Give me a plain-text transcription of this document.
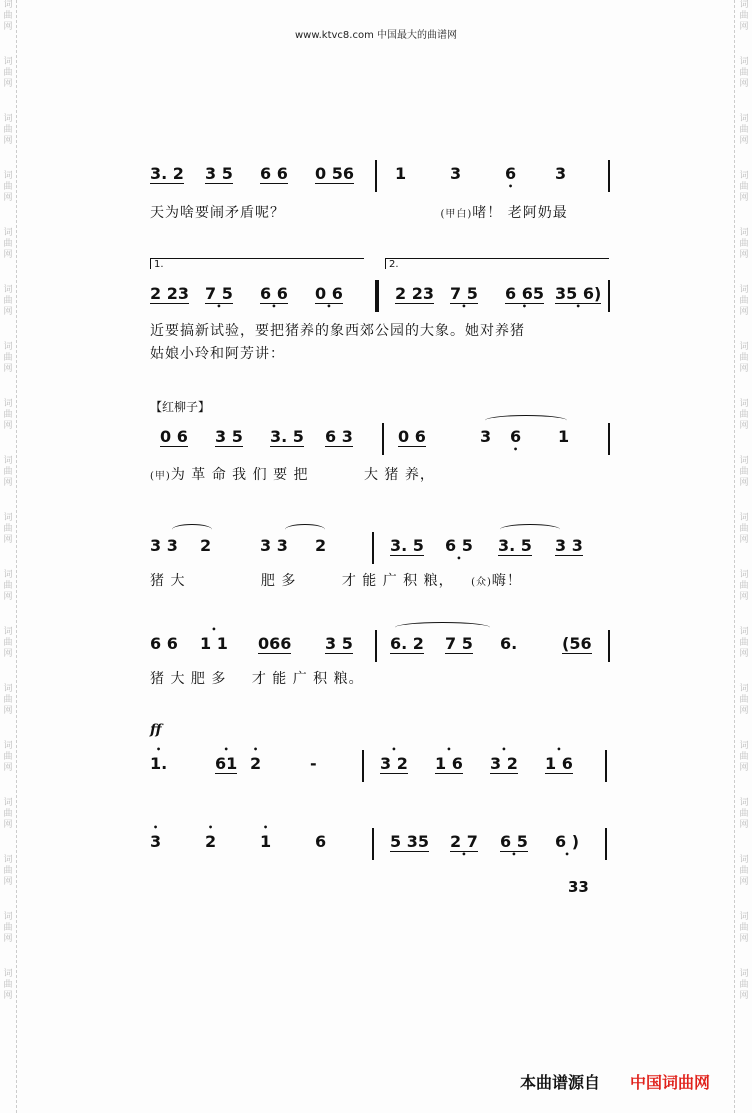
词
曲
网
词
曲
网
词
曲
网
词
曲
网
词
曲
网
词
曲
网
词
曲
网
词
曲
网
词
曲
网
词
曲
网
词
曲
网
词
曲
网
词
曲
网
词
曲
网
词
曲
网
词
曲
网
词
曲
网
词
曲
网
词
曲
网
词
曲
网
词
曲
网
词
曲
网
词
曲
网
词
曲
网
词
曲
网
词
曲
网
词
曲
网
词
曲
网
词
曲
网
词
曲
网
词
曲
网
词
曲
网
词
曲
网
词
曲
网
词
曲
网
词
曲
网
www.ktvc8.com 中国最大的曲谱网
3. 2 3 5 6 6 0 56	1	3	6 • 3
天为啥要闹矛盾呢？	(甲白)啫！ 老阿奶最
1.	2.
2 23 7 5 • 6 6 • 0 6 •	2 23 7 5 • 6 65 • 35 6) •
近要搞新试验，要把猪养的象西郊公园的大象。她对养猪
姑娘小玲和阿芳讲：
【红柳子】
0 6 3 5 3. 5 6 3	0 6	3 6 • 1
(甲)为 革 命 我 们 要 把	大 猪 养，
3 3 2	3 3 2	3. 5 6 5 • 3. 5 3 3
猪 大	肥 多	才 能 广 积 粮， (众)嗨！
6 6 • 1 1 066 3 5 6. 2 7 5 6.	(56
猪 大 肥 多 才 能 广 积 粮。
ff
• 1.	• 61 • 2	-	• 3 2 • 1 6 • 3 2 • 1 6
• 3	• 2	• 1	6	5 35 2 7 • 6 5 • 6 ) •
33
本曲谱源自 中国词曲网
